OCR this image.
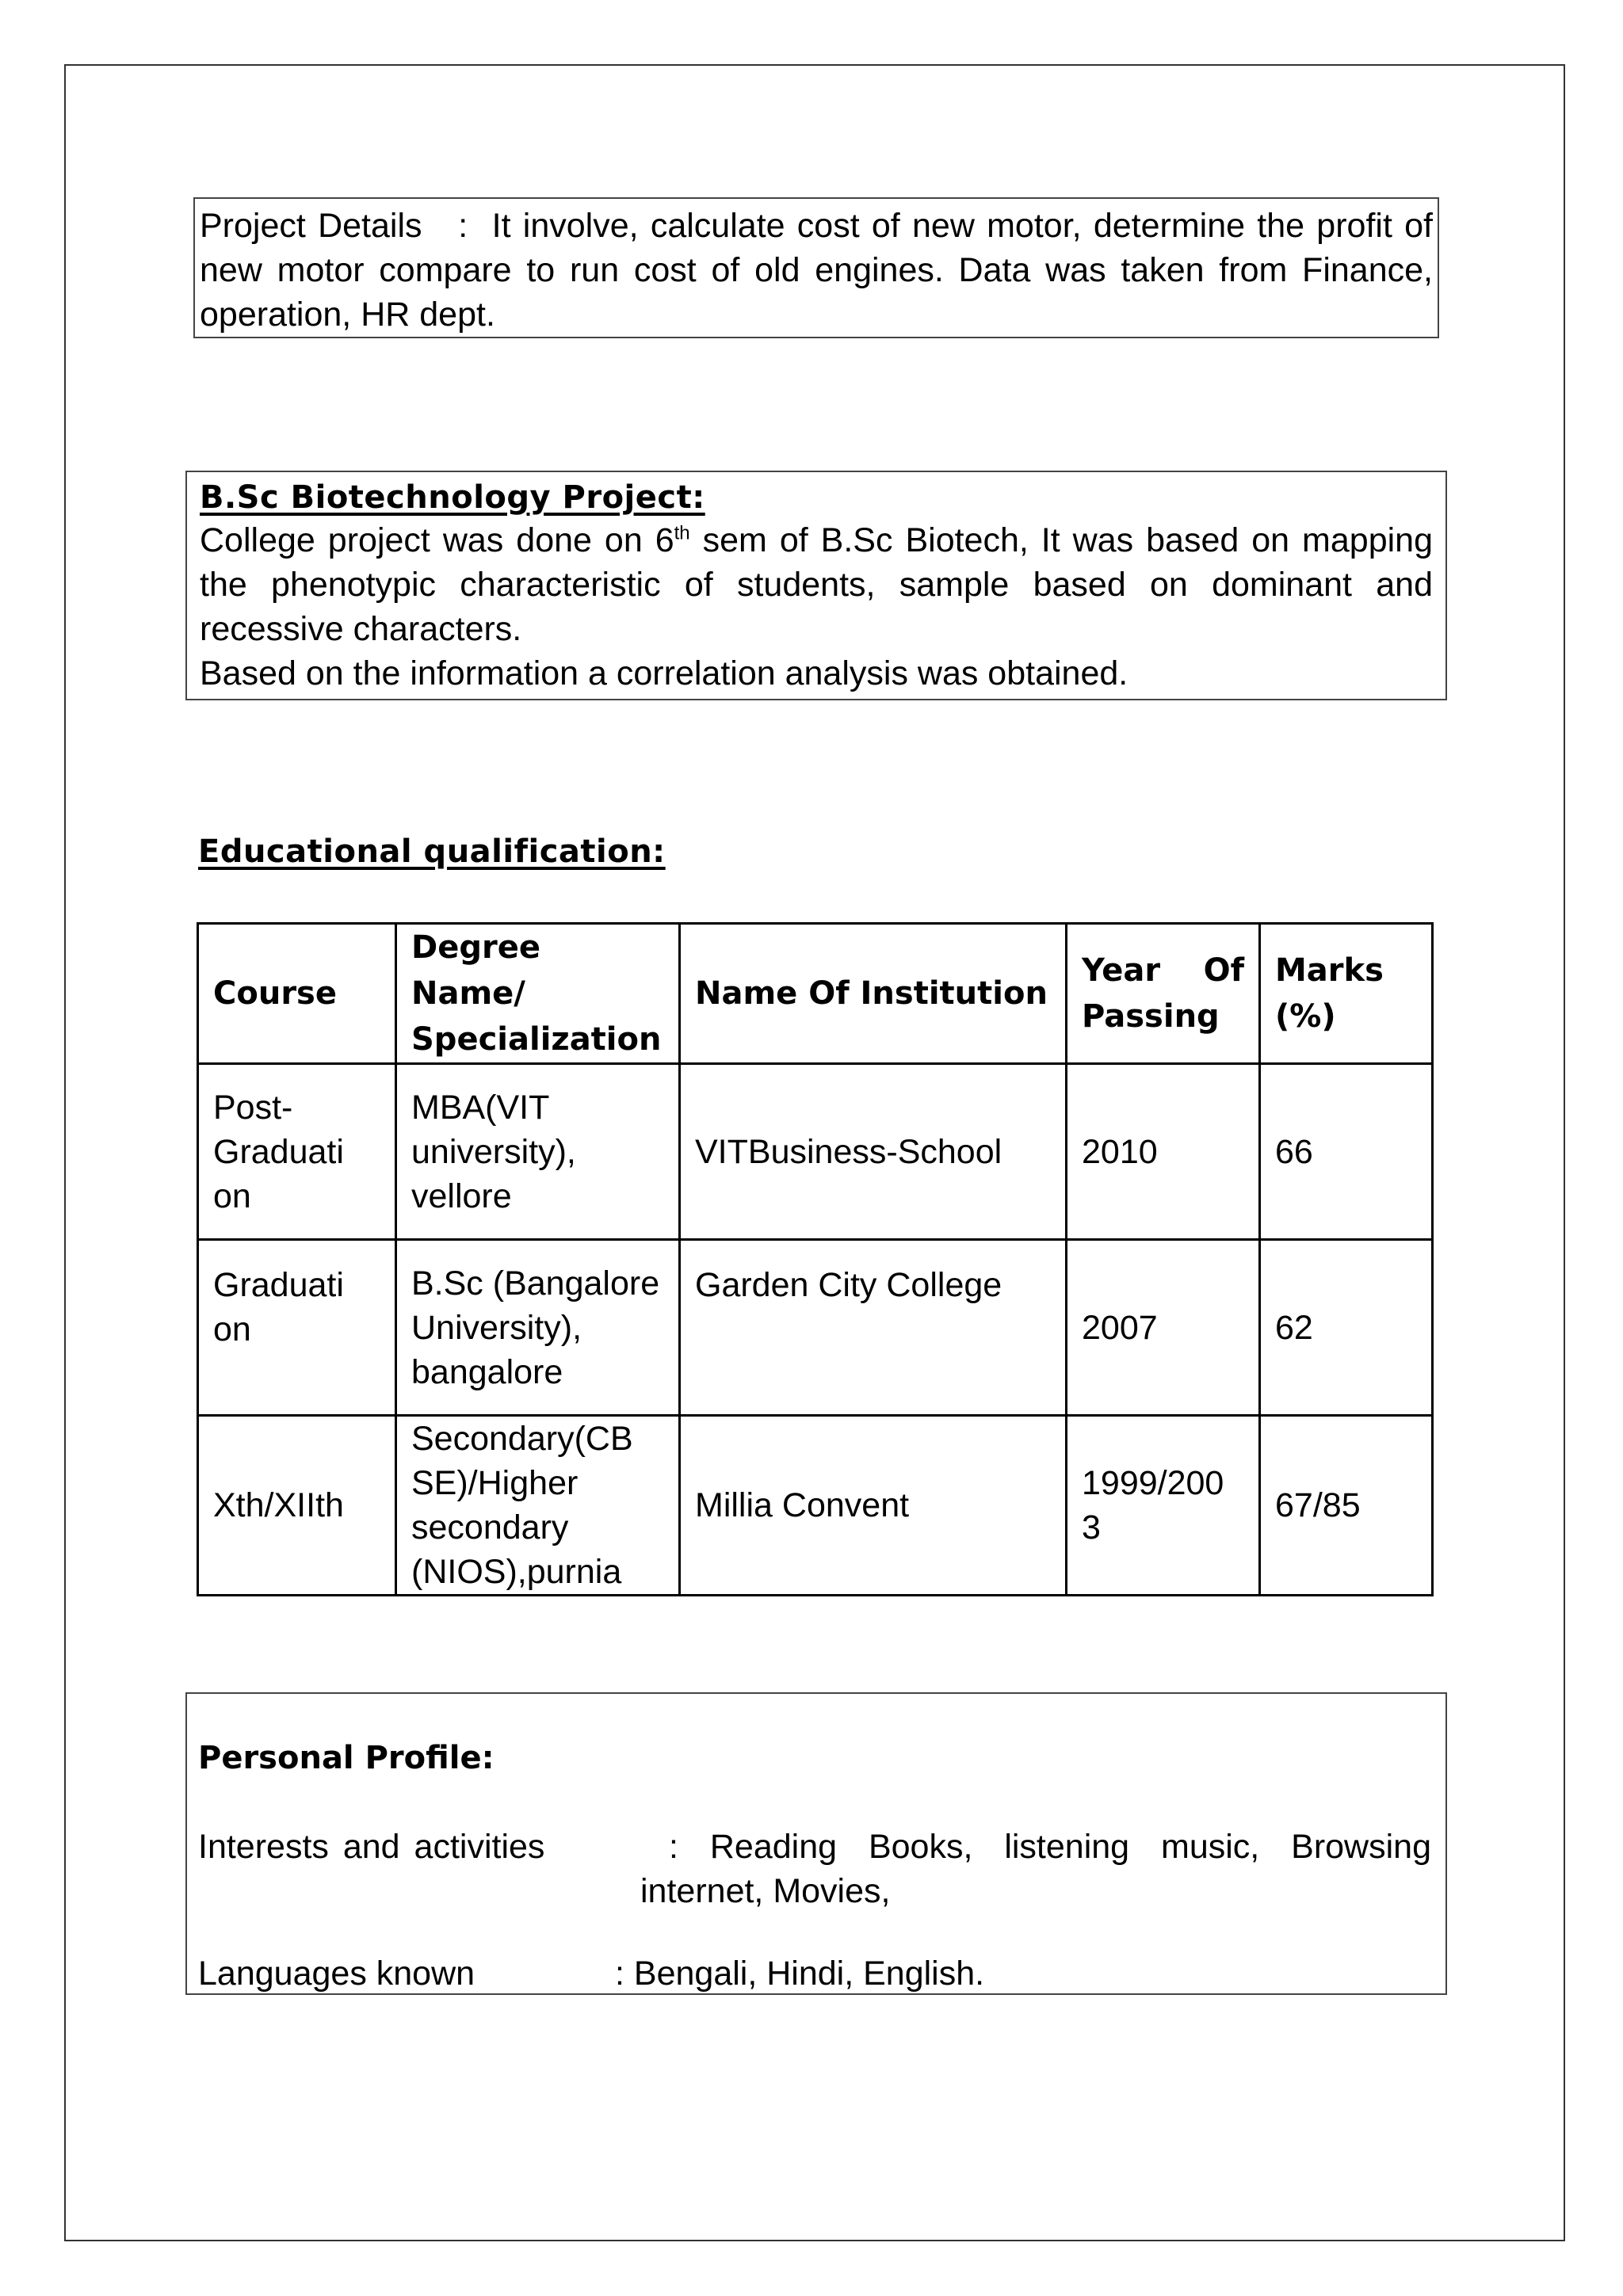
Project Details : It involve, calculate cost of new motor, determine the profit of new motor compare to run cost of old engines. Data was taken from Finance, operation, HR dept.
B.Sc Biotechnology Project:
College project was done on 6th sem of B.Sc Biotech, It was based on mapping the phenotypic characteristic of students, sample based on dominant and recessive characters.
Based on the information a correlation analysis was obtained.
Educational qualification:
Course	Degree Name/ Specialization	Name Of Institution	Year Of Passing	Marks (%)
Post-Graduati on	MBA(VIT university), vellore	VITBusiness-School	2010	66
Graduati on	B.Sc (Bangalore University), bangalore	Garden City College	2007	62
Xth/XIIth	Secondary(CB SE)/Higher secondary (NIOS),purnia	Millia Convent	1999/200 3	67/85
Personal Profile:
Interests and activities	: Reading Books, listening music, Browsing internet, Movies,
Languages known	: Bengali, Hindi, English.
